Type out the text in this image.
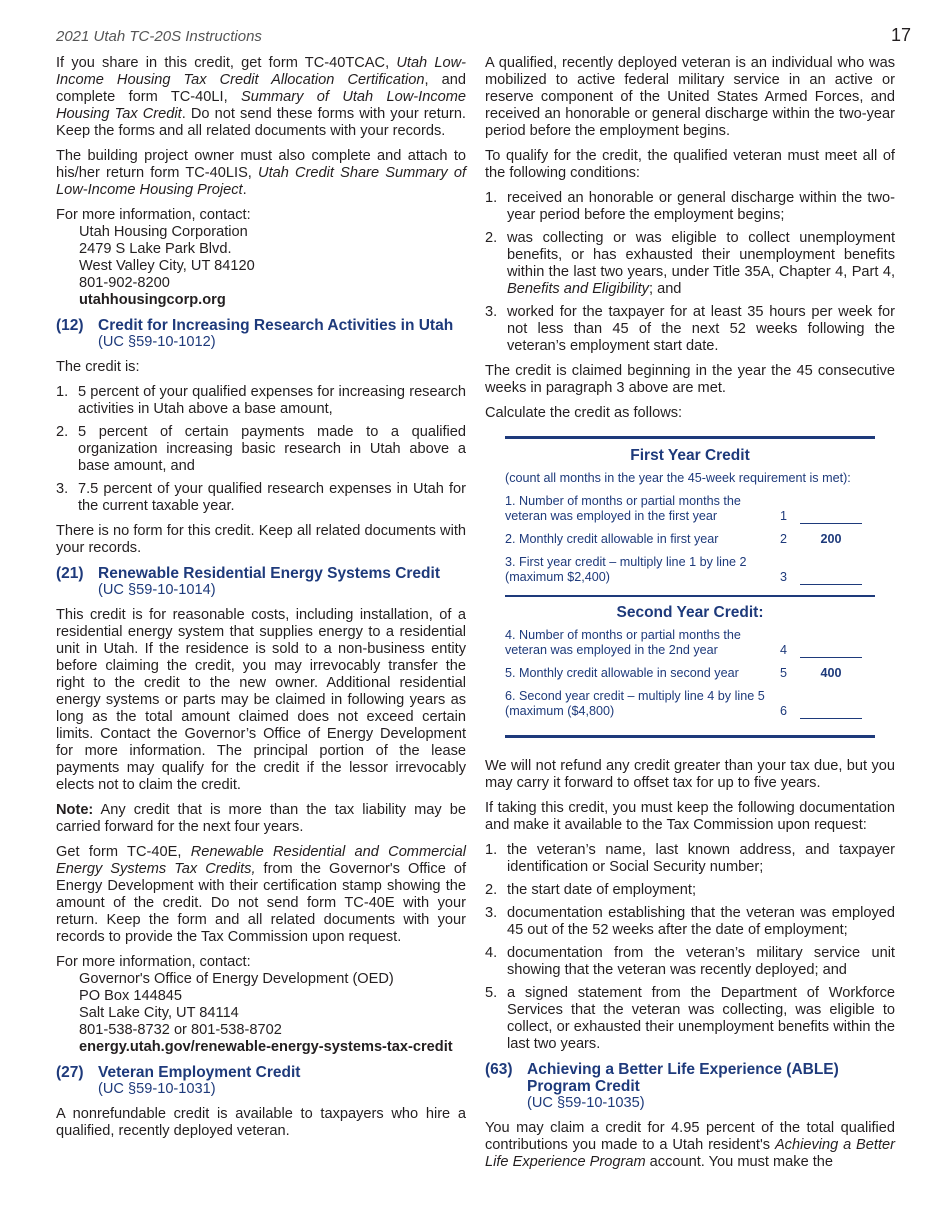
2021 Utah TC-20S Instructions	17

If you share in this credit, get form TC-40TCAC, Utah Low-Income Housing Tax Credit Allocation Certification, and complete form TC-40LI, Summary of Utah Low-Income Housing Tax Credit. Do not send these forms with your return. Keep the forms and all related documents with your records.

The building project owner must also complete and attach to his/her return form TC-40LIS, Utah Credit Share Summary of Low-Income Housing Project.

For more information, contact:
Utah Housing Corporation
2479 S Lake Park Blvd.
West Valley City, UT 84120
801-902-8200
utahhousingcorp.org
(12) Credit for Increasing Research Activities in Utah
(UC §59-10-1012)

The credit is:

1. 5 percent of your qualified expenses for increasing research activities in Utah above a base amount,
2. 5 percent of certain payments made to a qualified organization increasing basic research in Utah above a base amount, and
3. 7.5 percent of your qualified research expenses in Utah for the current taxable year.

There is no form for this credit. Keep all related documents with your records.

(21) Renewable Residential Energy Systems Credit
(UC §59-10-1014)

This credit is for reasonable costs, including installation, of a residential energy system that supplies energy to a residential unit in Utah. If the residence is sold to a non-business entity before claiming the credit, you may irrevocably transfer the right to the credit to the new owner. Additional residential energy systems or parts may be claimed in following years as long as the total amount claimed does not exceed certain limits. Contact the Governor’s Office of Energy Development for more information. The principal portion of the lease payments may qualify for the credit if the lessor irrevocably elects not to claim the credit.

Note: Any credit that is more than the tax liability may be carried forward for the next four years.

Get form TC-40E, Renewable Residential and Commercial Energy Systems Tax Credits, from the Governor's Office of Energy Development with their certification stamp showing the amount of the credit. Do not send form TC-40E with your return. Keep the form and all related documents with your records to provide the Tax Commission upon request.

For more information, contact:
Governor's Office of Energy Development (OED)
PO Box 144845
Salt Lake City, UT 84114
801-538-8732 or 801-538-8702
energy.utah.gov/renewable-energy-systems-tax-credit
(27) Veteran Employment Credit
(UC §59-10-1031)

A nonrefundable credit is available to taxpayers who hire a qualified, recently deployed veteran.

A qualified, recently deployed veteran is an individual who was mobilized to active federal military service in an active or reserve component of the United States Armed Forces, and received an honorable or general discharge within the two-year period before the employment begins.

To qualify for the credit, the qualified veteran must meet all of the following conditions:

1. received an honorable or general discharge within the two-year period before the employment begins;
2. was collecting or was eligible to collect unemployment benefits, or has exhausted their unemployment benefits within the last two years, under Title 35A, Chapter 4, Part 4, Benefits and Eligibility; and
3. worked for the taxpayer for at least 35 hours per week for not less than 45 of the next 52 weeks following the veteran’s employment start date.

The credit is claimed beginning in the year the 45 consecutive weeks in paragraph 3 above are met.

Calculate the credit as follows:

First Year Credit
(count all months in the year the 45-week requirement is met):
1. Number of months or partial months the veteran was employed in the first year	1
2. Monthly credit allowable in first year	2	200
3. First year credit – multiply line 1 by line 2 (maximum $2,400)	3
Second Year Credit:
4. Number of months or partial months the veteran was employed in the 2nd year	4
5. Monthly credit allowable in second year	5	400
6. Second year credit – multiply line 4 by line 5 (maximum ($4,800)	6

We will not refund any credit greater than your tax due, but you may carry it forward to offset tax for up to five years.

If taking this credit, you must keep the following documentation and make it available to the Tax Commission upon request:

1. the veteran’s name, last known address, and taxpayer identification or Social Security number;
2. the start date of employment;
3. documentation establishing that the veteran was employed 45 out of the 52 weeks after the date of employment;
4. documentation from the veteran’s military service unit showing that the veteran was recently deployed; and
5. a signed statement from the Department of Workforce Services that the veteran was collecting, was eligible to collect, or exhausted their unemployment benefits within the last two years.
(63) Achieving a Better Life Experience (ABLE) Program Credit
(UC §59-10-1035)

You may claim a credit for 4.95 percent of the total qualified contributions you made to a Utah resident's Achieving a Better Life Experience Program account. You must make the
